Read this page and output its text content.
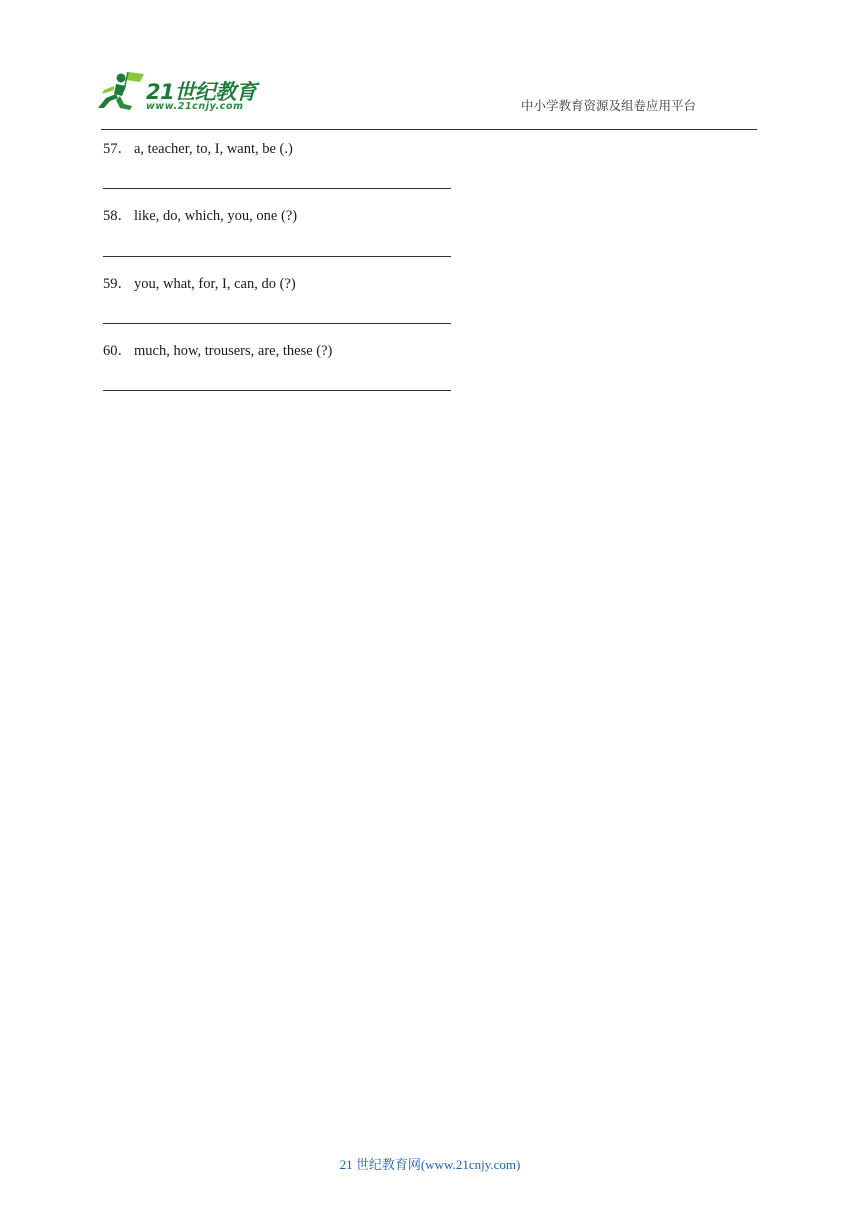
21世纪教育
www.21cnjy.com	中小学教育资源及组卷应用平台
57． a, teacher, to, I, want, be (.)
58． like, do, which, you, one (?)
59． you, what, for, I, can, do (?)
60． much, how, trousers, are, these (?)
21 世纪教育网(www.21cnjy.com)
